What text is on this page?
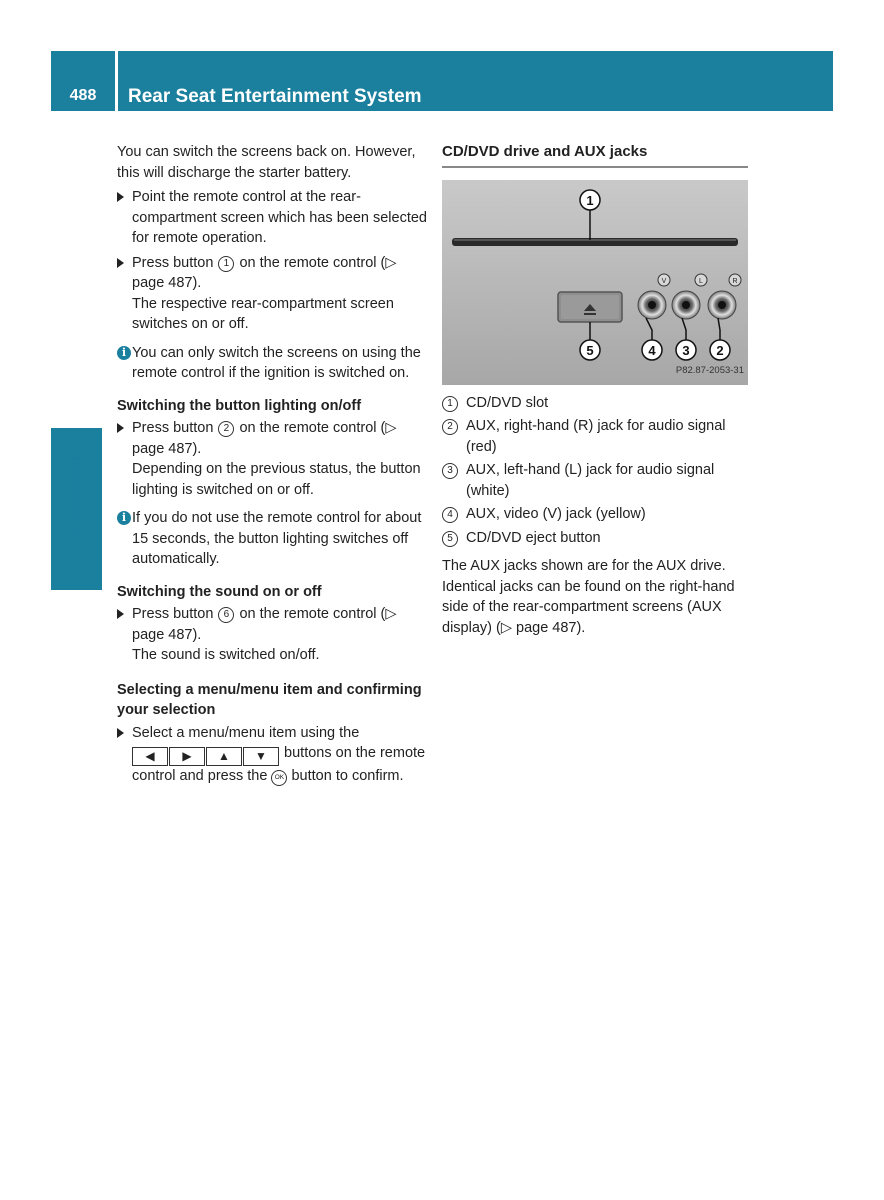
488	Rear Seat Entertainment System
COMAND

You can switch the screens back on. However, this will discharge the starter battery.

Point the remote control at the rear-compartment screen which has been selected for remote operation.
Press button 1 on the remote control (▷ page 487).
The respective rear-compartment screen switches on or off.
i You can only switch the screens on using the remote control if the ignition is switched on.

Switching the button lighting on/off

Press button 2 on the remote control (▷ page 487).
Depending on the previous status, the button lighting is switched on or off.
i If you do not use the remote control for about 15 seconds, the button lighting switches off automatically.

Switching the sound on or off

Press button 6 on the remote control (▷ page 487).
The sound is switched on/off.

Selecting a menu/menu item and confirming your selection

Select a menu/menu item using the
◀ ▶ ▲ ▼ buttons on the remote control and press the OK button to confirm.
CD/DVD drive and AUX jacks
V	L	R
1
5	4 3 2
P82.87-2053-31
1 CD/DVD slot
2 AUX, right-hand (R) jack for audio signal (red)
3 AUX, left-hand (L) jack for audio signal (white)
4 AUX, video (V) jack (yellow)
5 CD/DVD eject button

The AUX jacks shown are for the AUX drive. Identical jacks can be found on the right-hand side of the rear-compartment screens (AUX display) (▷ page 487).
